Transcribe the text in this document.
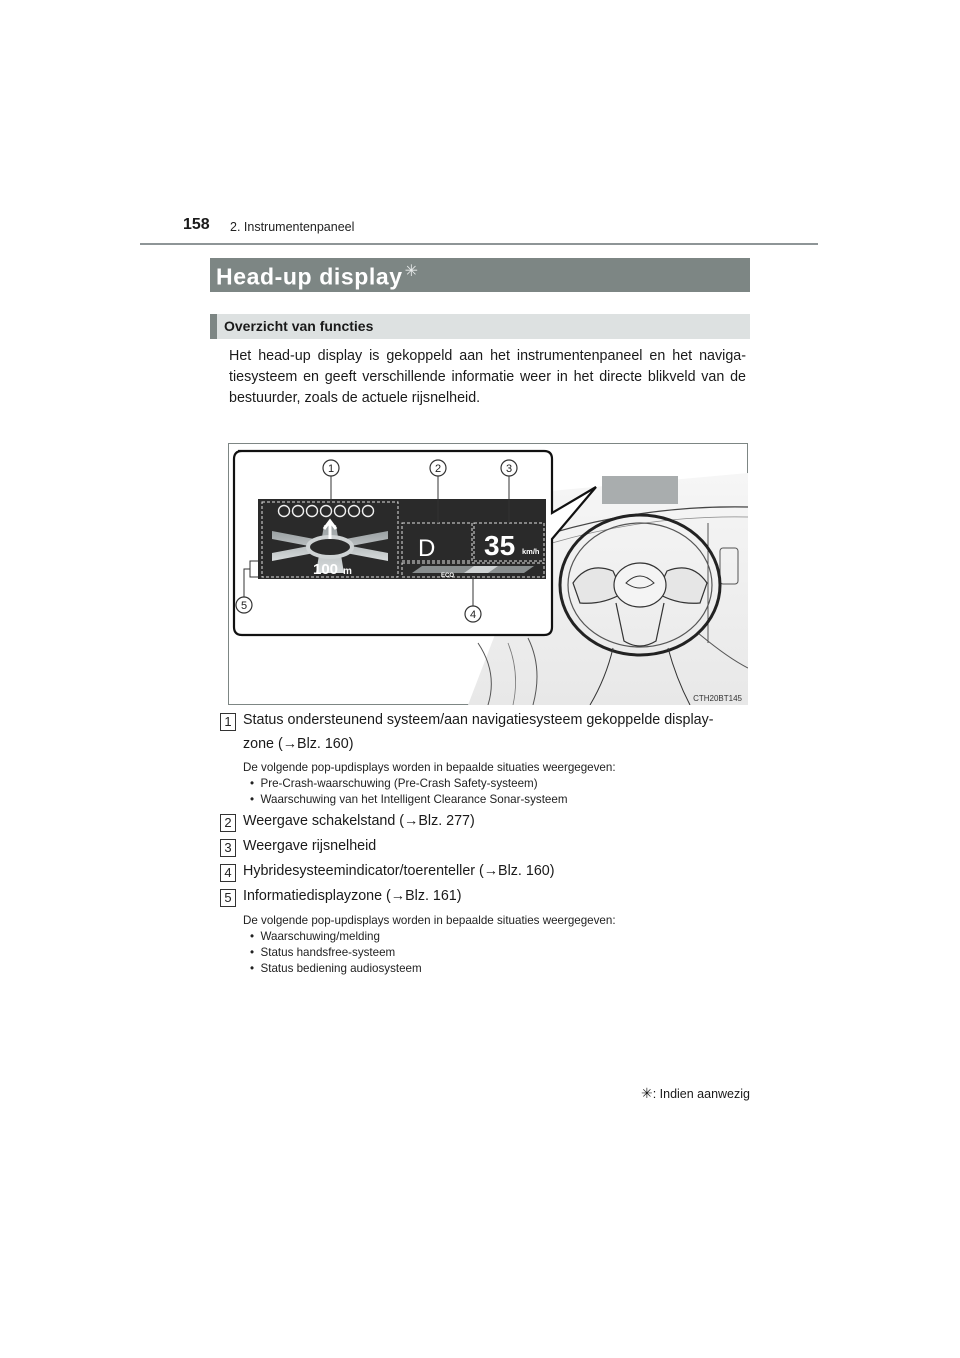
158 2. Instrumentenpaneel
Head-up display ✳
Overzicht van functies
Het head-up display is gekoppeld aan het instrumentenpaneel en het naviga-tiesysteem en geeft verschillende informatie weer in het directe blikveld van de bestuurder, zoals de actuele rijsnelheid.
100 m
D 35 km/h
ECO
1	2	3
4
5
CTH20BT145
1 Status ondersteunend systeem/aan navigatiesysteem gekoppelde display-
zone (→Blz. 160)
De volgende pop-updisplays worden in bepaalde situaties weergegeven:
•  Pre-Crash-waarschuwing (Pre-Crash Safety-systeem)
•  Waarschuwing van het Intelligent Clearance Sonar-systeem
2 Weergave schakelstand (→Blz. 277)
3 Weergave rijsnelheid
4 Hybridesysteemindicator/toerenteller (→Blz. 160)
5 Informatiedisplayzone (→Blz. 161)
De volgende pop-updisplays worden in bepaalde situaties weergegeven:
•  Waarschuwing/melding
•  Status handsfree-systeem
•  Status bediening audiosysteem
✳: Indien aanwezig
